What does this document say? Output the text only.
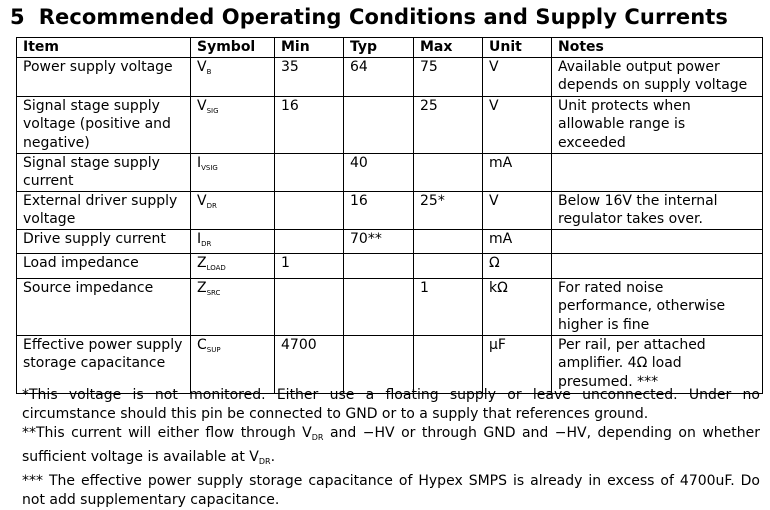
5 Recommended Operating Conditions and Supply Currents
Item	Symbol	Min	Typ	Max	Unit	Notes
Power supply voltage	$V_B$	35	64	75	V	Available output power depends on supply voltage
Signal stage supply voltage (positive and negative)	$V_{SIG}$	16		25	V	Unit protects when allowable range is exceeded
Signal stage supply current	$I_{VSIG}$		40		mA	
External driver supply voltage	$V_{DR}$		16	25*	V	Below 16V the internal regulator takes over.
Drive supply current	$I_{DR}$		70**		mA	
Load impedance	$Z_{LOAD}$	1			Ω	
Source impedance	$Z_{SRC}$			1	kΩ	For rated noise performance, otherwise higher is fine
Effective power supply storage capacitance	$C_{SUP}$	4700			µF	Per rail, per attached amplifier. 4Ω load presumed. ***

*This voltage is not monitored. Either use a floating supply or leave unconnected. Under no circumstance should this pin be connected to GND or to a supply that references ground.

**This current will either flow through $V_{DR}$ and −HV or through GND and −HV, depending on whether sufficient voltage is available at $V_{DR}$.

*** The effective power supply storage capacitance of Hypex SMPS is already in excess of 4700uF. Do not add supplementary capacitance.
